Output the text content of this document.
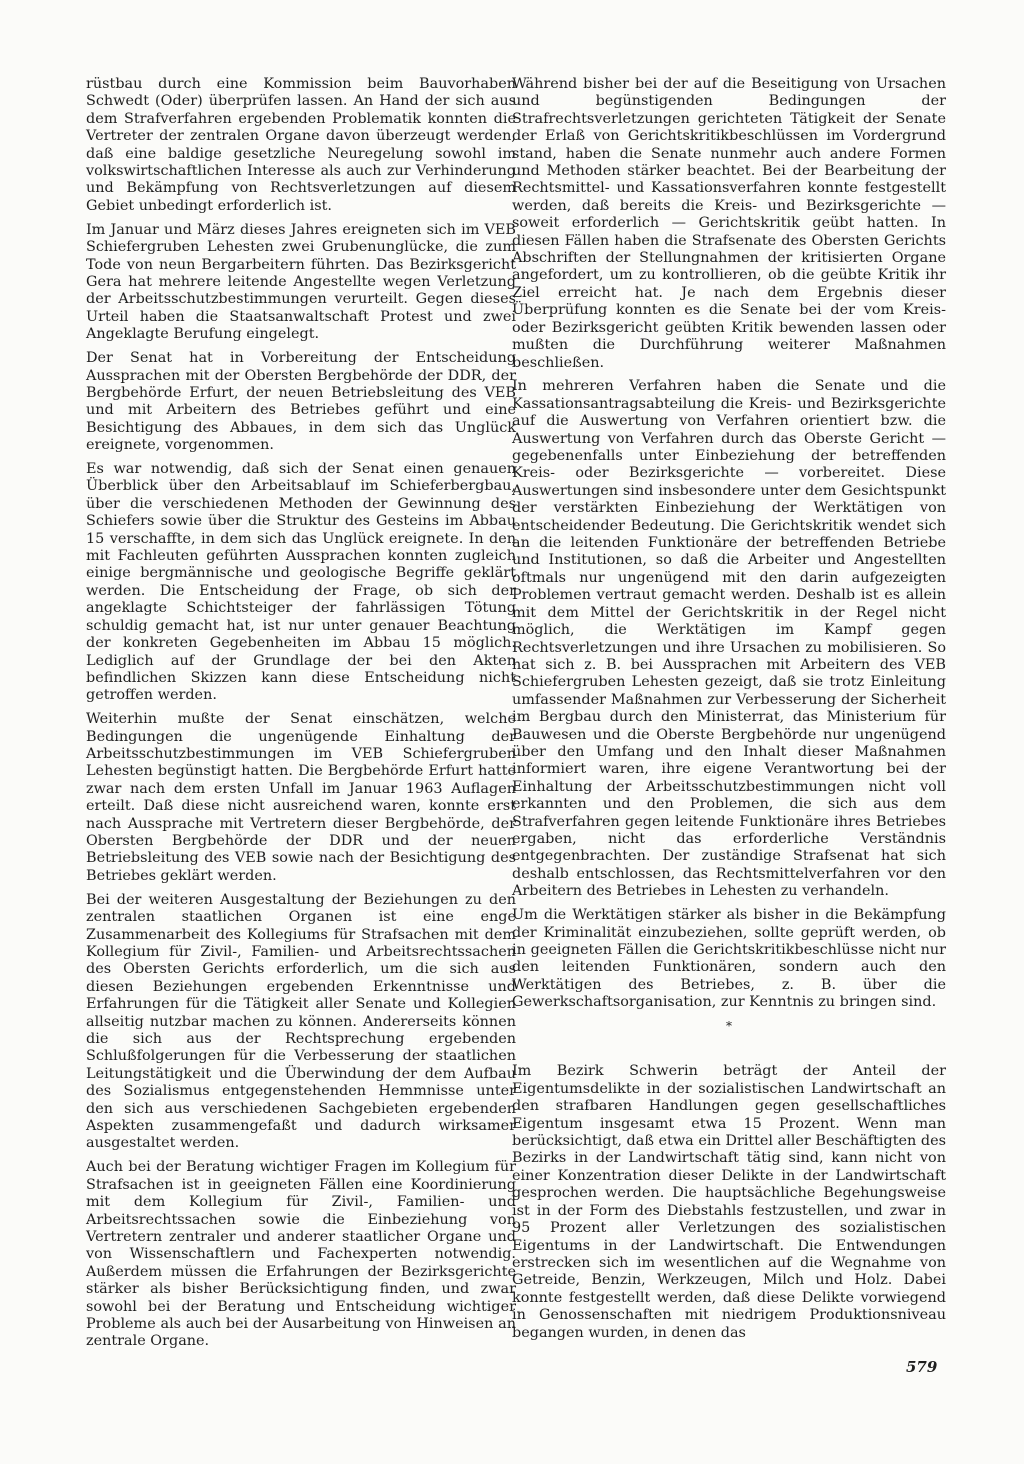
rüstbau durch eine Kommission beim Bauvorhaben Schwedt (Oder) überprüfen lassen. An Hand der sich aus dem Strafverfahren ergebenden Problematik konnten die Vertreter der zentralen Organe davon überzeugt werden, daß eine baldige gesetzliche Neuregelung sowohl im volkswirtschaftlichen Interesse als auch zur Verhinderung und Bekämpfung von Rechtsverletzungen auf diesem Gebiet unbedingt erforderlich ist.

Im Januar und März dieses Jahres ereigneten sich im VEB Schiefergruben Lehesten zwei Grubenunglücke, die zum Tode von neun Bergarbeitern führten. Das Bezirksgericht Gera hat mehrere leitende Angestellte wegen Verletzung der Arbeitsschutzbestimmungen verurteilt. Gegen dieses Urteil haben die Staatsanwaltschaft Protest und zwei Angeklagte Berufung eingelegt.

Der Senat hat in Vorbereitung der Entscheidung Aussprachen mit der Obersten Bergbehörde der DDR, der Bergbehörde Erfurt, der neuen Betriebsleitung des VEB und mit Arbeitern des Betriebes geführt und eine Besichtigung des Abbaues, in dem sich das Unglück ereignete, vorgenommen.

Es war notwendig, daß sich der Senat einen genauen Überblick über den Arbeitsablauf im Schieferbergbau, über die verschiedenen Methoden der Gewinnung des Schiefers sowie über die Struktur des Gesteins im Abbau 15 verschaffte, in dem sich das Unglück ereignete. In den mit Fachleuten geführten Aussprachen konnten zugleich einige bergmännische und geologische Begriffe geklärt werden. Die Entscheidung der Frage, ob sich der angeklagte Schichtsteiger der fahrlässigen Tötung schuldig gemacht hat, ist nur unter genauer Beachtung der konkreten Gegebenheiten im Abbau 15 möglich. Lediglich auf der Grundlage der bei den Akten befindlichen Skizzen kann diese Entscheidung nicht getroffen werden.

Weiterhin mußte der Senat einschätzen, welche Bedingungen die ungenügende Einhaltung der Arbeitsschutzbestimmungen im VEB Schiefergruben Lehesten begünstigt hatten. Die Bergbehörde Erfurt hatte zwar nach dem ersten Unfall im Januar 1963 Auflagen erteilt. Daß diese nicht ausreichend waren, konnte erst nach Aussprache mit Vertretern dieser Bergbehörde, der Obersten Bergbehörde der DDR und der neuen Betriebsleitung des VEB sowie nach der Besichtigung des Betriebes geklärt werden.

Bei der weiteren Ausgestaltung der Beziehungen zu den zentralen staatlichen Organen ist eine enge Zusammenarbeit des Kollegiums für Strafsachen mit dem Kollegium für Zivil-, Familien- und Arbeitsrechtssachen des Obersten Gerichts erforderlich, um die sich aus diesen Beziehungen ergebenden Erkenntnisse und Erfahrungen für die Tätigkeit aller Senate und Kollegien allseitig nutzbar machen zu können. Andererseits können die sich aus der Rechtsprechung ergebenden Schlußfolgerungen für die Verbesserung der staatlichen Leitungstätigkeit und die Überwindung der dem Aufbau des Sozialismus entgegenstehenden Hemmnisse unter den sich aus verschiedenen Sachgebieten ergebenden Aspekten zusammengefaßt und dadurch wirksamer ausgestaltet werden.

Auch bei der Beratung wichtiger Fragen im Kollegium für Strafsachen ist in geeigneten Fällen eine Koordinierung mit dem Kollegium für Zivil-, Familien- und Arbeitsrechtssachen sowie die Einbeziehung von Vertretern zentraler und anderer staatlicher Organe und von Wissenschaftlern und Fachexperten notwendig. Außerdem müssen die Erfahrungen der Bezirksgerichte stärker als bisher Berücksichtigung finden, und zwar sowohl bei der Beratung und Entscheidung wichtiger Probleme als auch bei der Ausarbeitung von Hinweisen an zentrale Organe.

Während bisher bei der auf die Beseitigung von Ursachen und begünstigenden Bedingungen der Strafrechtsverletzungen gerichteten Tätigkeit der Senate der Erlaß von Gerichtskritikbeschlüssen im Vordergrund stand, haben die Senate nunmehr auch andere Formen und Methoden stärker beachtet. Bei der Bearbeitung der Rechtsmittel- und Kassationsverfahren konnte festgestellt werden, daß bereits die Kreis- und Bezirksgerichte — soweit erforderlich — Gerichtskritik geübt hatten. In diesen Fällen haben die Strafsenate des Obersten Gerichts Abschriften der Stellungnahmen der kritisierten Organe angefordert, um zu kontrollieren, ob die geübte Kritik ihr Ziel erreicht hat. Je nach dem Ergebnis dieser Überprüfung konnten es die Senate bei der vom Kreis- oder Bezirksgericht geübten Kritik bewenden lassen oder mußten die Durchführung weiterer Maßnahmen beschließen.

In mehreren Verfahren haben die Senate und die Kassationsantragsabteilung die Kreis- und Bezirksgerichte auf die Auswertung von Verfahren orientiert bzw. die Auswertung von Verfahren durch das Oberste Gericht — gegebenenfalls unter Einbeziehung der betreffenden Kreis- oder Bezirksgerichte — vorbereitet. Diese Auswertungen sind insbesondere unter dem Gesichtspunkt der verstärkten Einbeziehung der Werktätigen von entscheidender Bedeutung. Die Gerichtskritik wendet sich an die leitenden Funktionäre der betreffenden Betriebe und Institutionen, so daß die Arbeiter und Angestellten oftmals nur ungenügend mit den darin aufgezeigten Problemen vertraut gemacht werden. Deshalb ist es allein mit dem Mittel der Gerichtskritik in der Regel nicht möglich, die Werktätigen im Kampf gegen Rechtsverletzungen und ihre Ursachen zu mobilisieren. So hat sich z. B. bei Aussprachen mit Arbeitern des VEB Schiefergruben Lehesten gezeigt, daß sie trotz Einleitung umfassender Maßnahmen zur Verbesserung der Sicherheit im Bergbau durch den Ministerrat, das Ministerium für Bauwesen und die Oberste Bergbehörde nur ungenügend über den Umfang und den Inhalt dieser Maßnahmen informiert waren, ihre eigene Verantwortung bei der Einhaltung der Arbeitsschutzbestimmungen nicht voll erkannten und den Problemen, die sich aus dem Strafverfahren gegen leitende Funktionäre ihres Betriebes ergaben, nicht das erforderliche Verständnis entgegenbrachten. Der zuständige Strafsenat hat sich deshalb entschlossen, das Rechtsmittelverfahren vor den Arbeitern des Betriebes in Lehesten zu verhandeln.

Um die Werktätigen stärker als bisher in die Bekämpfung der Kriminalität einzubeziehen, sollte geprüft werden, ob in geeigneten Fällen die Gerichtskritikbeschlüsse nicht nur den leitenden Funktionären, sondern auch den Werktätigen des Betriebes, z. B. über die Gewerkschaftsorganisation, zur Kenntnis zu bringen sind.

*

Im Bezirk Schwerin beträgt der Anteil der Eigentumsdelikte in der sozialistischen Landwirtschaft an den strafbaren Handlungen gegen gesellschaftliches Eigentum insgesamt etwa 15 Prozent. Wenn man berücksichtigt, daß etwa ein Drittel aller Beschäftigten des Bezirks in der Landwirtschaft tätig sind, kann nicht von einer Konzentration dieser Delikte in der Landwirtschaft gesprochen werden. Die hauptsächliche Begehungsweise ist in der Form des Diebstahls festzustellen, und zwar in 95 Prozent aller Verletzungen des sozialistischen Eigentums in der Landwirtschaft. Die Entwendungen erstrecken sich im wesentlichen auf die Wegnahme von Getreide, Benzin, Werkzeugen, Milch und Holz. Dabei konnte festgestellt werden, daß diese Delikte vorwiegend in Genossenschaften mit niedrigem Produktionsniveau begangen wurden, in denen das

579
